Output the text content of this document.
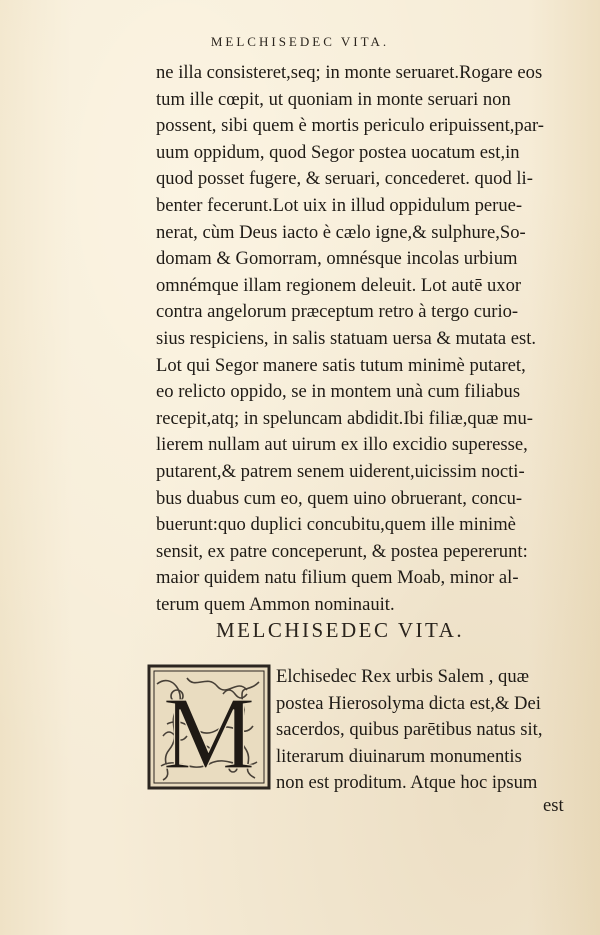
MELCHISEDEC VITA.
ne illa consisteret,seq; in monte seruaret.Rogare eos
tum ille cœpit, ut quoniam in monte seruari non
possent, sibi quem è mortis periculo eripuissent,par-
uum oppidum, quod Segor postea uocatum est,in
quod posset fugere, & seruari, concederet. quod li-
benter fecerunt.Lot uix in illud oppidulum perue-
nerat, cùm Deus iacto è cælo igne,& sulphure,So-
domam & Gomorram, omnésque incolas urbium
omnémque illam regionem deleuit. Lot autē uxor
contra angelorum præceptum retro à tergo curio-
sius respiciens, in salis statuam uersa & mutata est.
Lot qui Segor manere satis tutum minimè putaret,
eo relicto oppido, se in montem unà cum filiabus
recepit,atq; in speluncam abdidit.Ibi filiæ,quæ mu-
lierem nullam aut uirum ex illo excidio superesse,
putarent,& patrem senem uiderent,uicissim nocti-
bus duabus cum eo, quem uino obruerant, concu-
buerunt:quo duplici concubitu,quem ille minimè
sensit, ex patre conceperunt, & postea pepererunt:
maior quidem natu filium quem Moab, minor al-
terum quem Ammon nominauit.
MELCHISEDEC VITA.
M Elchisedec Rex urbis Salem , quæ
postea Hierosolyma dicta est,& Dei
sacerdos, quibus parētibus natus sit,
literarum diuinarum monumentis
non est proditum. Atque hoc ipsum
est
